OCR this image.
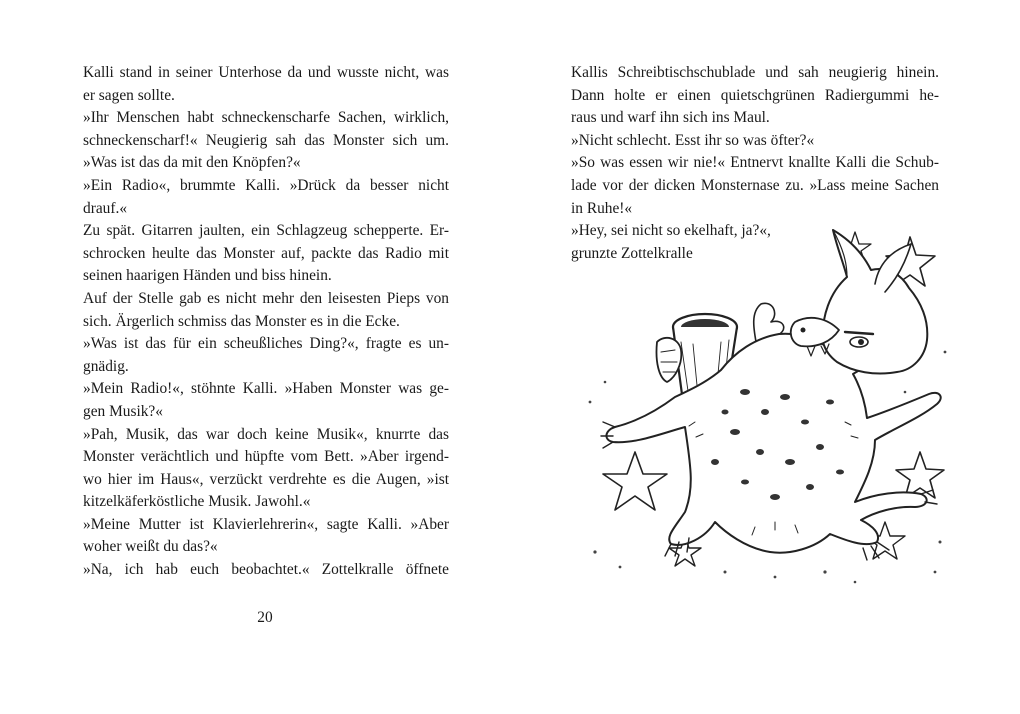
Kalli stand in seiner Unterhose da und wusste nicht, was
er sagen sollte.
»Ihr Menschen habt schneckenscharfe Sachen, wirklich,
schneckenscharf!« Neugierig sah das Monster sich um.
»Was ist das da mit den Knöpfen?«
»Ein Radio«, brummte Kalli. »Drück da besser nicht
drauf.«
Zu spät. Gitarren jaulten, ein Schlagzeug schepperte. Er-
schrocken heulte das Monster auf, packte das Radio mit
seinen haarigen Händen und biss hinein.
Auf der Stelle gab es nicht mehr den leisesten Pieps von
sich. Ärgerlich schmiss das Monster es in die Ecke.
»Was ist das für ein scheußliches Ding?«, fragte es un-
gnädig.
»Mein Radio!«, stöhnte Kalli. »Haben Monster was ge-
gen Musik?«
»Pah, Musik, das war doch keine Musik«, knurrte das
Monster verächtlich und hüpfte vom Bett. »Aber irgend-
wo hier im Haus«, verzückt verdrehte es die Augen, »ist
kitzelkäferköstliche Musik. Jawohl.«
»Meine Mutter ist Klavierlehrerin«, sagte Kalli. »Aber
woher weißt du das?«
»Na, ich hab euch beobachtet.« Zottelkralle öffnete
20
Kallis Schreibtischschublade und sah neugierig hinein.
Dann holte er einen quietschgrünen Radiergummi he-
raus und warf ihn sich ins Maul.
»Nicht schlecht. Esst ihr so was öfter?«
»So was essen wir nie!« Entnervt knallte Kalli die Schub-
lade vor der dicken Monsternase zu. »Lass meine Sachen
in Ruhe!«
»Hey, sei nicht so ekelhaft, ja?«,
grunzte Zottelkralle
